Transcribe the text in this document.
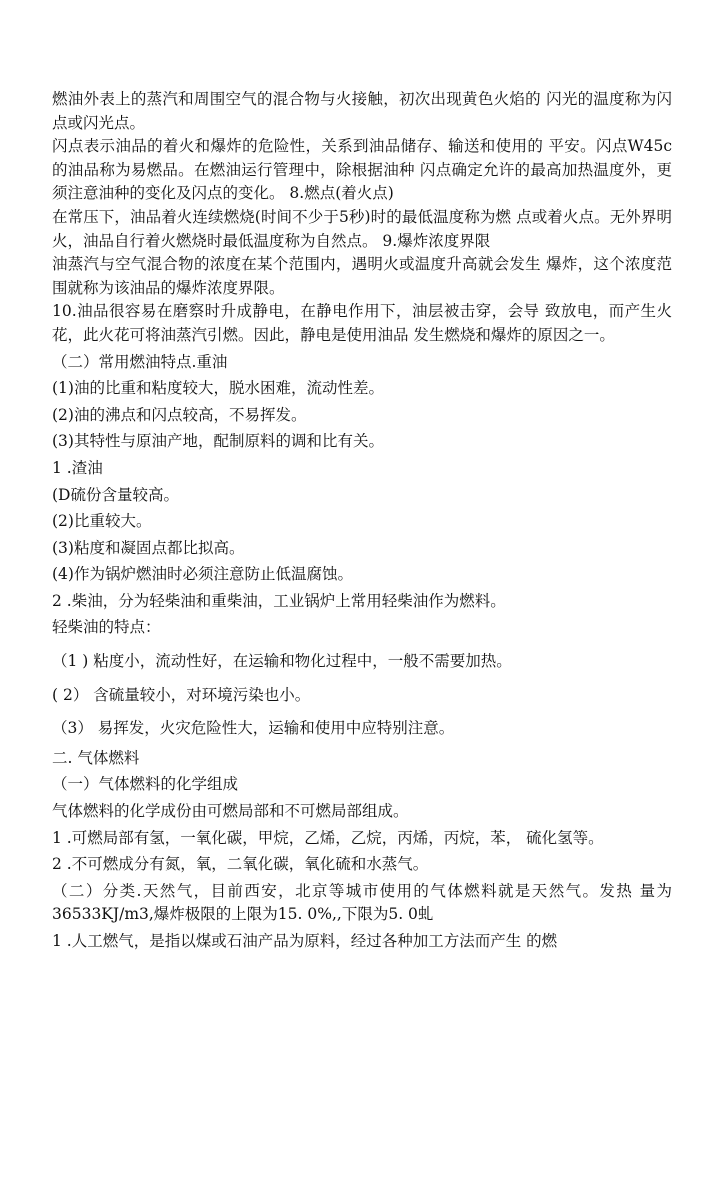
燃油外表上的蒸汽和周围空气的混合物与火接触，初次出现黄色火焰的 闪光的温度称为闪点或闪光点。

闪点表示油品的着火和爆炸的危险性，关系到油品储存、输送和使用的 平安。闪点W45c的油品称为易燃品。在燃油运行管理中，除根据油种 闪点确定允许的最高加热温度外，更须注意油种的变化及闪点的变化。 8.燃点(着火点)

在常压下，油品着火连续燃烧(时间不少于5秒)时的最低温度称为燃 点或着火点。无外界明火，油品自行着火燃烧时最低温度称为自然点。 9.爆炸浓度界限

油蒸汽与空气混合物的浓度在某个范围内，遇明火或温度升高就会发生 爆炸，这个浓度范围就称为该油品的爆炸浓度界限。

10.油品很容易在磨察时升成静电，在静电作用下，油层被击穿，会导 致放电，而产生火花，此火花可将油蒸汽引燃。因此，静电是使用油品 发生燃烧和爆炸的原因之一。

（二）常用燃油特点.重油

(1)油的比重和粘度较大，脱水困难，流动性差。

(2)油的沸点和闪点较高，不易挥发。

(3)其特性与原油产地，配制原料的调和比有关。

1 .渣油

(D硫份含量较高。

(2)比重较大。

(3)粘度和凝固点都比拟高。

(4)作为锅炉燃油时必须注意防止低温腐蚀。

2 .柴油，分为轻柴油和重柴油，工业锅炉上常用轻柴油作为燃料。

轻柴油的特点：

（1 ) 粘度小，流动性好，在运输和物化过程中，一般不需要加热。

( 2） 含硫量较小，对环境污染也小。

（3） 易挥发，火灾危险性大，运输和使用中应特别注意。

二. 气体燃料

（一）气体燃料的化学组成

气体燃料的化学成份由可燃局部和不可燃局部组成。

1 .可燃局部有氢，一氧化碳，甲烷，乙烯，乙烷，丙烯，丙烷，苯， 硫化氢等。

2 .不可燃成分有氮，氧，二氧化碳，氧化硫和水蒸气。

（二）分类.天然气，目前西安，北京等城市使用的气体燃料就是天然气。发热 量为36533KJ/m3,爆炸极限的上限为15. 0%,,下限为5. 0虬

1 .人工燃气，是指以煤或石油产品为原料，经过各种加工方法而产生 的燃
